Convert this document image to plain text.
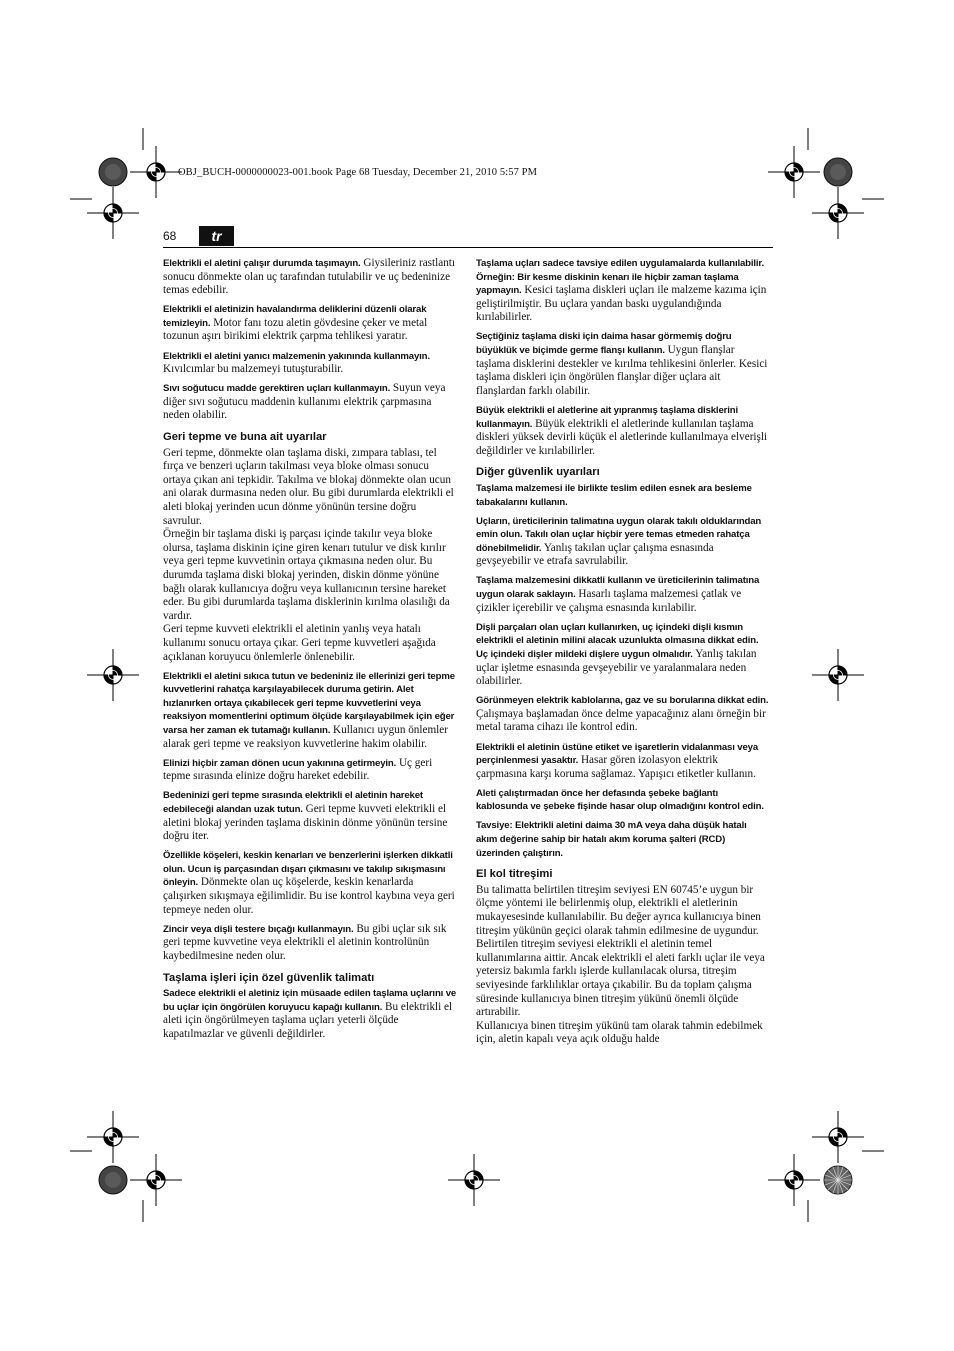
OBJ_BUCH-0000000023-001.book Page 68 Tuesday, December 21, 2010 5:57 PM
68	tr

Elektrikli el aletini çalışır durumda taşımayın. Giysileriniz rastlantı sonucu dönmekte olan uç tarafından tutulabilir ve uç bedeninize temas edebilir.

Elektrikli el aletinizin havalandırma deliklerini düzenli olarak temizleyin. Motor fanı tozu aletin gövdesine çeker ve metal tozunun aşırı birikimi elektrik çarpma tehlikesi yaratır.

Elektrikli el aletini yanıcı malzemenin yakınında kullanmayın. Kıvılcımlar bu malzemeyi tutuşturabilir.

Sıvı soğutucu madde gerektiren uçları kullanmayın. Suyun veya diğer sıvı soğutucu maddenin kullanımı elektrik çarpmasına neden olabilir.

Geri tepme ve buna ait uyarılar

Geri tepme, dönmekte olan taşlama diski, zımpara tablası, tel fırça ve benzeri uçların takılması veya bloke olması sonucu ortaya çıkan ani tepkidir. Takılma ve blokaj dönmekte olan ucun ani olarak durmasına neden olur. Bu gibi durumlarda elektrikli el aleti blokaj yerinden ucun dönme yönünün tersine doğru savrulur.

Örneğin bir taşlama diski iş parçası içinde takılır veya bloke olursa, taşlama diskinin içine giren kenarı tutulur ve disk kırılır veya geri tepme kuvvetinin ortaya çıkmasına neden olur. Bu durumda taşlama diski blokaj yerinden, diskin dönme yönüne bağlı olarak kullanıcıya doğru veya kullanıcının tersine hareket eder. Bu gibi durumlarda taşlama disklerinin kırılma olasılığı da vardır.

Geri tepme kuvveti elektrikli el aletinin yanlış veya hatalı kullanımı sonucu ortaya çıkar. Geri tepme kuvvetleri aşağıda açıklanan koruyucu önlemlerle önlenebilir.

Elektrikli el aletini sıkıca tutun ve bedeniniz ile ellerinizi geri tepme kuvvetlerini rahatça karşılayabilecek duruma getirin. Alet hızlanırken ortaya çıkabilecek geri tepme kuvvetlerini veya reaksiyon momentlerini optimum ölçüde karşılayabilmek için eğer varsa her zaman ek tutamağı kullanın. Kullanıcı uygun önlemler alarak geri tepme ve reaksiyon kuvvetlerine hakim olabilir.

Elinizi hiçbir zaman dönen ucun yakınına getirmeyin. Uç geri tepme sırasında elinize doğru hareket edebilir.

Bedeninizi geri tepme sırasında elektrikli el aletinin hareket edebileceği alandan uzak tutun. Geri tepme kuvveti elektrikli el aletini blokaj yerinden taşlama diskinin dönme yönünün tersine doğru iter.

Özellikle köşeleri, keskin kenarları ve benzerlerini işlerken dikkatli olun. Ucun iş parçasından dışarı çıkmasını ve takılıp sıkışmasını önleyin. Dönmekte olan uç köşelerde, keskin kenarlarda çalışırken sıkışmaya eğilimlidir. Bu ise kontrol kaybına veya geri tepmeye neden olur.

Zincir veya dişli testere bıçağı kullanmayın. Bu gibi uçlar sık sık geri tepme kuvvetine veya elektrikli el aletinin kontrolünün kaybedilmesine neden olur.

Taşlama işleri için özel güvenlik talimatı

Sadece elektrikli el aletiniz için müsaade edilen taşlama uçlarını ve bu uçlar için öngörülen koruyucu kapağı kullanın. Bu elektrikli el aleti için öngörülmeyen taşlama uçları yeterli ölçüde kapatılmazlar ve güvenli değildirler.

Taşlama uçları sadece tavsiye edilen uygulamalarda kullanılabilir. Örneğin: Bir kesme diskinin kenarı ile hiçbir zaman taşlama yapmayın. Kesici taşlama diskleri uçları ile malzeme kazıma için geliştirilmiştir. Bu uçlara yandan baskı uygulandığında kırılabilirler.

Seçtiğiniz taşlama diski için daima hasar görmemiş doğru büyüklük ve biçimde germe flanşı kullanın. Uygun flanşlar taşlama disklerini destekler ve kırılma tehlikesini önlerler. Kesici taşlama diskleri için öngörülen flanşlar diğer uçlara ait flanşlardan farklı olabilir.

Büyük elektrikli el aletlerine ait yıpranmış taşlama disklerini kullanmayın. Büyük elektrikli el aletlerinde kullanılan taşlama diskleri yüksek devirli küçük el aletlerinde kullanılmaya elverişli değildirler ve kırılabilirler.

Diğer güvenlik uyarıları

Taşlama malzemesi ile birlikte teslim edilen esnek ara besleme tabakalarını kullanın.

Uçların, üreticilerinin talimatına uygun olarak takılı olduklarından emin olun. Takılı olan uçlar hiçbir yere temas etmeden rahatça dönebilmelidir. Yanlış takılan uçlar çalışma esnasında gevşeyebilir ve etrafa savrulabilir.

Taşlama malzemesini dikkatli kullanın ve üreticilerinin talimatına uygun olarak saklayın. Hasarlı taşlama malzemesi çatlak ve çizikler içerebilir ve çalışma esnasında kırılabilir.

Dişli parçaları olan uçları kullanırken, uç içindeki dişli kısmın elektrikli el aletinin milini alacak uzunlukta olmasına dikkat edin. Uç içindeki dişler mildeki dişlere uygun olmalıdır. Yanlış takılan uçlar işletme esnasında gevşeyebilir ve yaralanmalara neden olabilirler.

Görünmeyen elektrik kablolarına, gaz ve su borularına dikkat edin. Çalışmaya başlamadan önce delme yapacağınız alanı örneğin bir metal tarama cihazı ile kontrol edin.

Elektrikli el aletinin üstüne etiket ve işaretlerin vidalanması veya perçinlenmesi yasaktır. Hasar gören izolasyon elektrik çarpmasına karşı koruma sağlamaz. Yapışıcı etiketler kullanın.

Aleti çalıştırmadan önce her defasında şebeke bağlantı kablosunda ve şebeke fişinde hasar olup olmadığını kontrol edin.

Tavsiye: Elektrikli aletini daima 30 mA veya daha düşük hatalı akım değerine sahip bir hatalı akım koruma şalteri (RCD) üzerinden çalıştırın.

El kol titreşimi

Bu talimatta belirtilen titreşim seviyesi EN 60745’e uygun bir ölçme yöntemi ile belirlenmiş olup, elektrikli el aletlerinin mukayesesinde kullanılabilir. Bu değer ayrıca kullanıcıya binen titreşim yükünün geçici olarak tahmin edilmesine de uygundur.

Belirtilen titreşim seviyesi elektrikli el aletinin temel kullanımlarına aittir. Ancak elektrikli el aleti farklı uçlar ile veya yetersiz bakımla farklı işlerde kullanılacak olursa, titreşim seviyesinde farklılıklar ortaya çıkabilir. Bu da toplam çalışma süresinde kullanıcıya binen titreşim yükünü önemli ölçüde artırabilir.

Kullanıcıya binen titreşim yükünü tam olarak tahmin edebilmek için, aletin kapalı veya açık olduğu halde
